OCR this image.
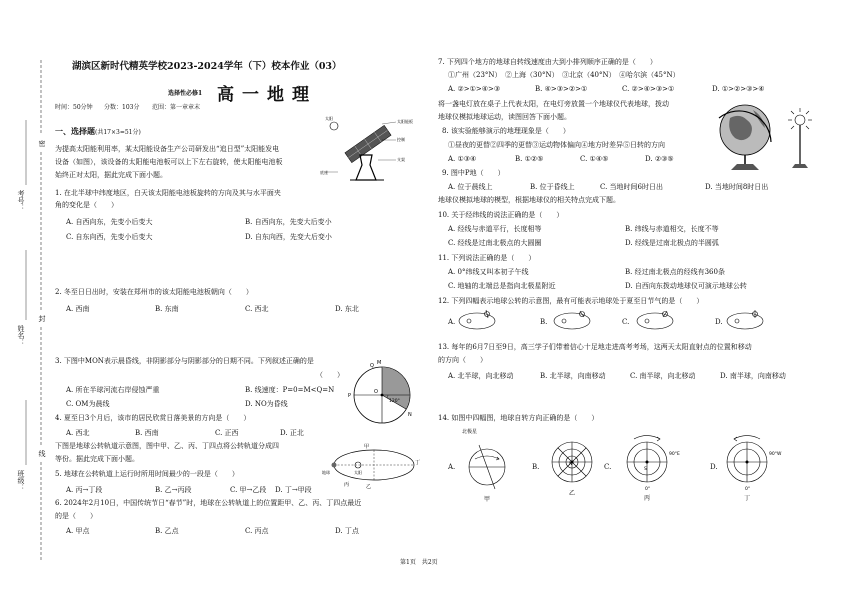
密
封
线
考号：
姓名：
班级：
湖滨区新时代精英学校2023-2024学年（下）校本作业（03）
选择性必修1 高一地理
时间：50分钟 分数：103分 范围：第一章章末
一、选择题(共17×3=51分)
为提高太阳能利用率，某太阳能设备生产公司研发出“追日型”太阳能发电
设备（如图），该设备的太阳能电池板可以上下左右旋转，使太阳能电池板
始终正对太阳，据此完成下面小题。
1. 在北半球中纬度地区，白天该太阳能电池板旋转的方向及其与水平面夹
角的变化是（　　）
A. 自西向东，先变小后变大	B. 自西向东，先变大后变小
C. 自东向西，先变小后变大	D. 自东向西，先变大后变小
2. 冬至日日出时，安装在郑州市的该太阳能电池板朝向（　　）
A. 西南	B. 东南	C. 西北	D. 东北
3. 下图中MON表示晨昏线，非阴影部分与阴影部分的日期不同。下列叙述正确的是
（　　）
A. 所在半球河流右岸侵蚀严重	B. 线速度：P=0=M<Q=N
C. OM为晨线	D. NO为昏线
4. 夏至日3个月后，该市的居民欣赏日落美景的方向是（　　）
A. 西北	B. 西南	C. 正西	D. 正北
下图是地球公转轨道示意图，图中甲、乙、丙、丁四点将公转轨道分成四
等份。据此完成下面小题。
5. 地球在公转轨道上运行时所用时间最少的一段是（　　）
A. 丙→丁段	B. 乙→丙段	C. 甲→乙段 D. 丁→甲段
6. 2024年2月10日，中国传统节日“春节”时，地球在公转轨道上的位置距甲、乙、丙、丁四点最近
的是（　　）
A. 甲点	B. 乙点	C. 丙点	D. 丁点
太阳
太阳能板
控制
支架
底座
Q M
N
O
P
120°
甲
丁
乙
丙
太阳
地球
7. 下列四个地方的地球自转线速度由大到小排列顺序正确的是（　　）
①广州（23°N）　②上海（30°N）　③北京（40°N）　④哈尔滨（45°N）
A. ②>①>④>③	B. ④>③>②>①	C. ②>④>③>①	D. ①>②>③>④
将一盏电灯放在桌子上代表太阳，在电灯旁放置一个地球仪代表地球，拨动
地球仪模拟地球运动，读图回答下面小题。
8. 该实验能够演示的地理现象是（　　）
①昼夜的更替②四季的更替③运动物体偏向④地方时差异⑤日转的方向
A. ①③④	B. ①②⑤	C. ①④⑤	D. ②③⑤
9. 图中P地（　　）
A. 位于晨线上	B. 位于昏线上	C. 当地时间6时日出	D. 当地时间8时日出
地球仪模拟地球的模型，根据地球仪的相关特点完成下题。
10. 关于经纬线的说法正确的是（　　）
A. 经线与赤道平行，长度相等	B. 纬线与赤道相交，长度不等
C. 经线是过南北极点的大圆圈	D. 经线是过南北极点的半圆弧
11. 下列说法正确的是（　　）
A. 0°纬线又叫本初子午线	B. 经过南北极点的经线有360条
C. 地轴的北端总是指向北极星附近	D. 自西向东拨动地球仪可演示地球公转
12. 下列四幅表示地球公转的示意图，最有可能表示地球处于夏至日节气的是（　　）
A.	B.	C.	D.
13. 每年的6月7日至9日，高三学子们带着信心十足地走进高考考场，这两天太阳直射点的位置和移动
的方向（　　）
A. 北半球，向北移动	B. 北半球，向南移动	C. 南半球，向北移动	D. 南半球，向南移动
14. 如图中四幅图，地球自转方向正确的是（　　）
A.	B.	C.	D.
北极星
N
S
90°E
0°
90°W
0°
甲
乙
丙	丁
第1页　共2页
